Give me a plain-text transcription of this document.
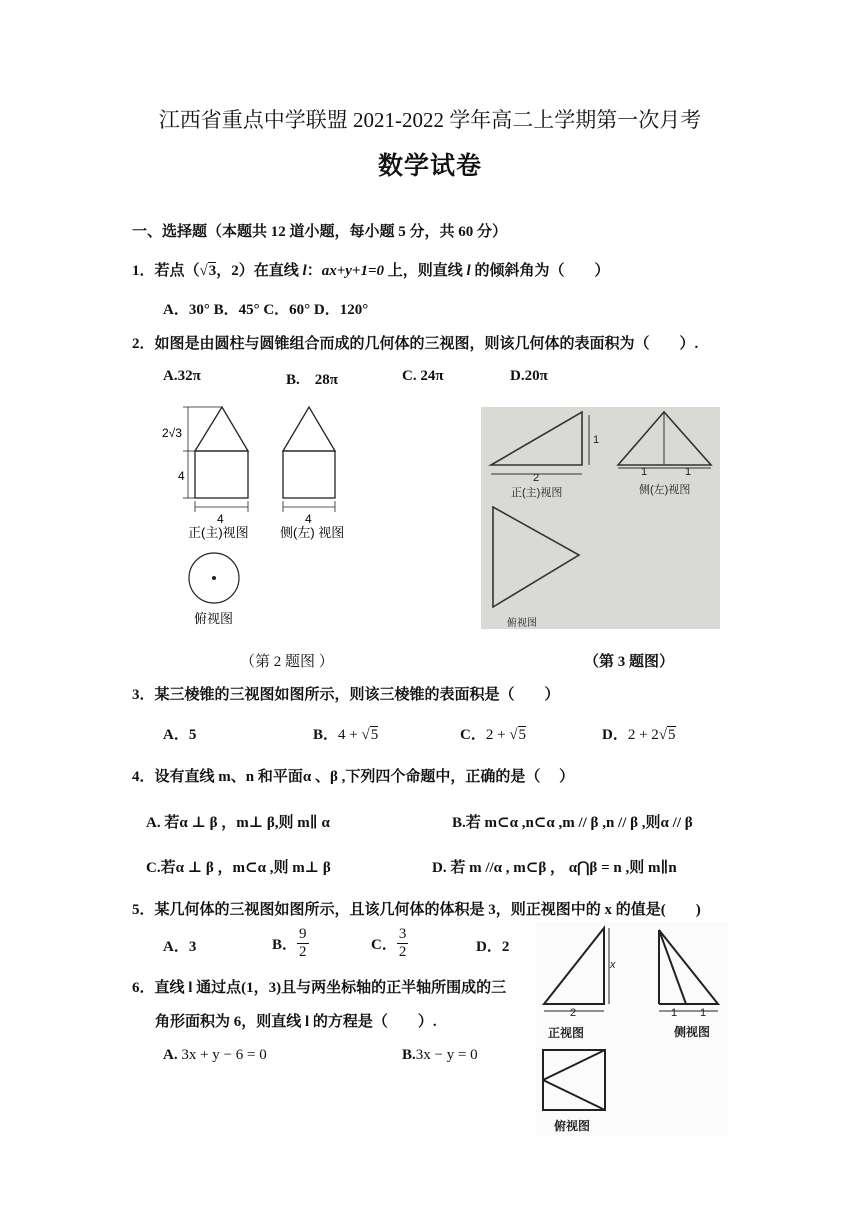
江西省重点中学联盟 2021-2022 学年高二上学期第一次月考
数学试卷
一、选择题（本题共 12 道小题，每小题 5 分，共 60 分）
1．若点（√3，2）在直线 l：ax+y+1=0 上，则直线 l 的倾斜角为（　　）
A．30° B．45° C．60° D．120°
2．如图是由圆柱与圆锥组合而成的几何体的三视图，则该几何体的表面积为（　　）.
A.32π	B.　28π	C. 24π	D.20π
2√3
4
4
正(主)视图
4
侧(左) 视图
俯视图
（第 2 题图 ）
1
2	1	1
正(主)视图	侧(左)视图
俯视图
（第 3 题图）
3．某三棱锥的三视图如图所示，则该三棱锥的表面积是（　　）
A．5	B．4 + √5	C．2 + √5	D．2 + 2√5
4．设有直线 m、n 和平面α 、β ,下列四个命题中，正确的是（　 ）
A. 若α ⊥ β ，m⊥ β,则 m∥ α	B.若 m⊂α ,n⊂α ,m // β ,n // β ,则α // β
C.若α ⊥ β ，m⊂α ,则 m⊥ β	D. 若 m //α , m⊂β ， α⋂β = n ,则 m∥n
5．某几何体的三视图如图所示，且该几何体的体积是 3，则正视图中的 x 的值是(　　)
A．3	B． $\frac{9}{2}$	C． $\frac{3}{2}$	D．2
x
2	1 1
正视图	侧视图
俯视图
6．直线 l 通过点(1，3)且与两坐标轴的正半轴所围成的三
角形面积为 6，则直线 l 的方程是（　　）.
A. 3x + y − 6 = 0	B.3x − y = 0
